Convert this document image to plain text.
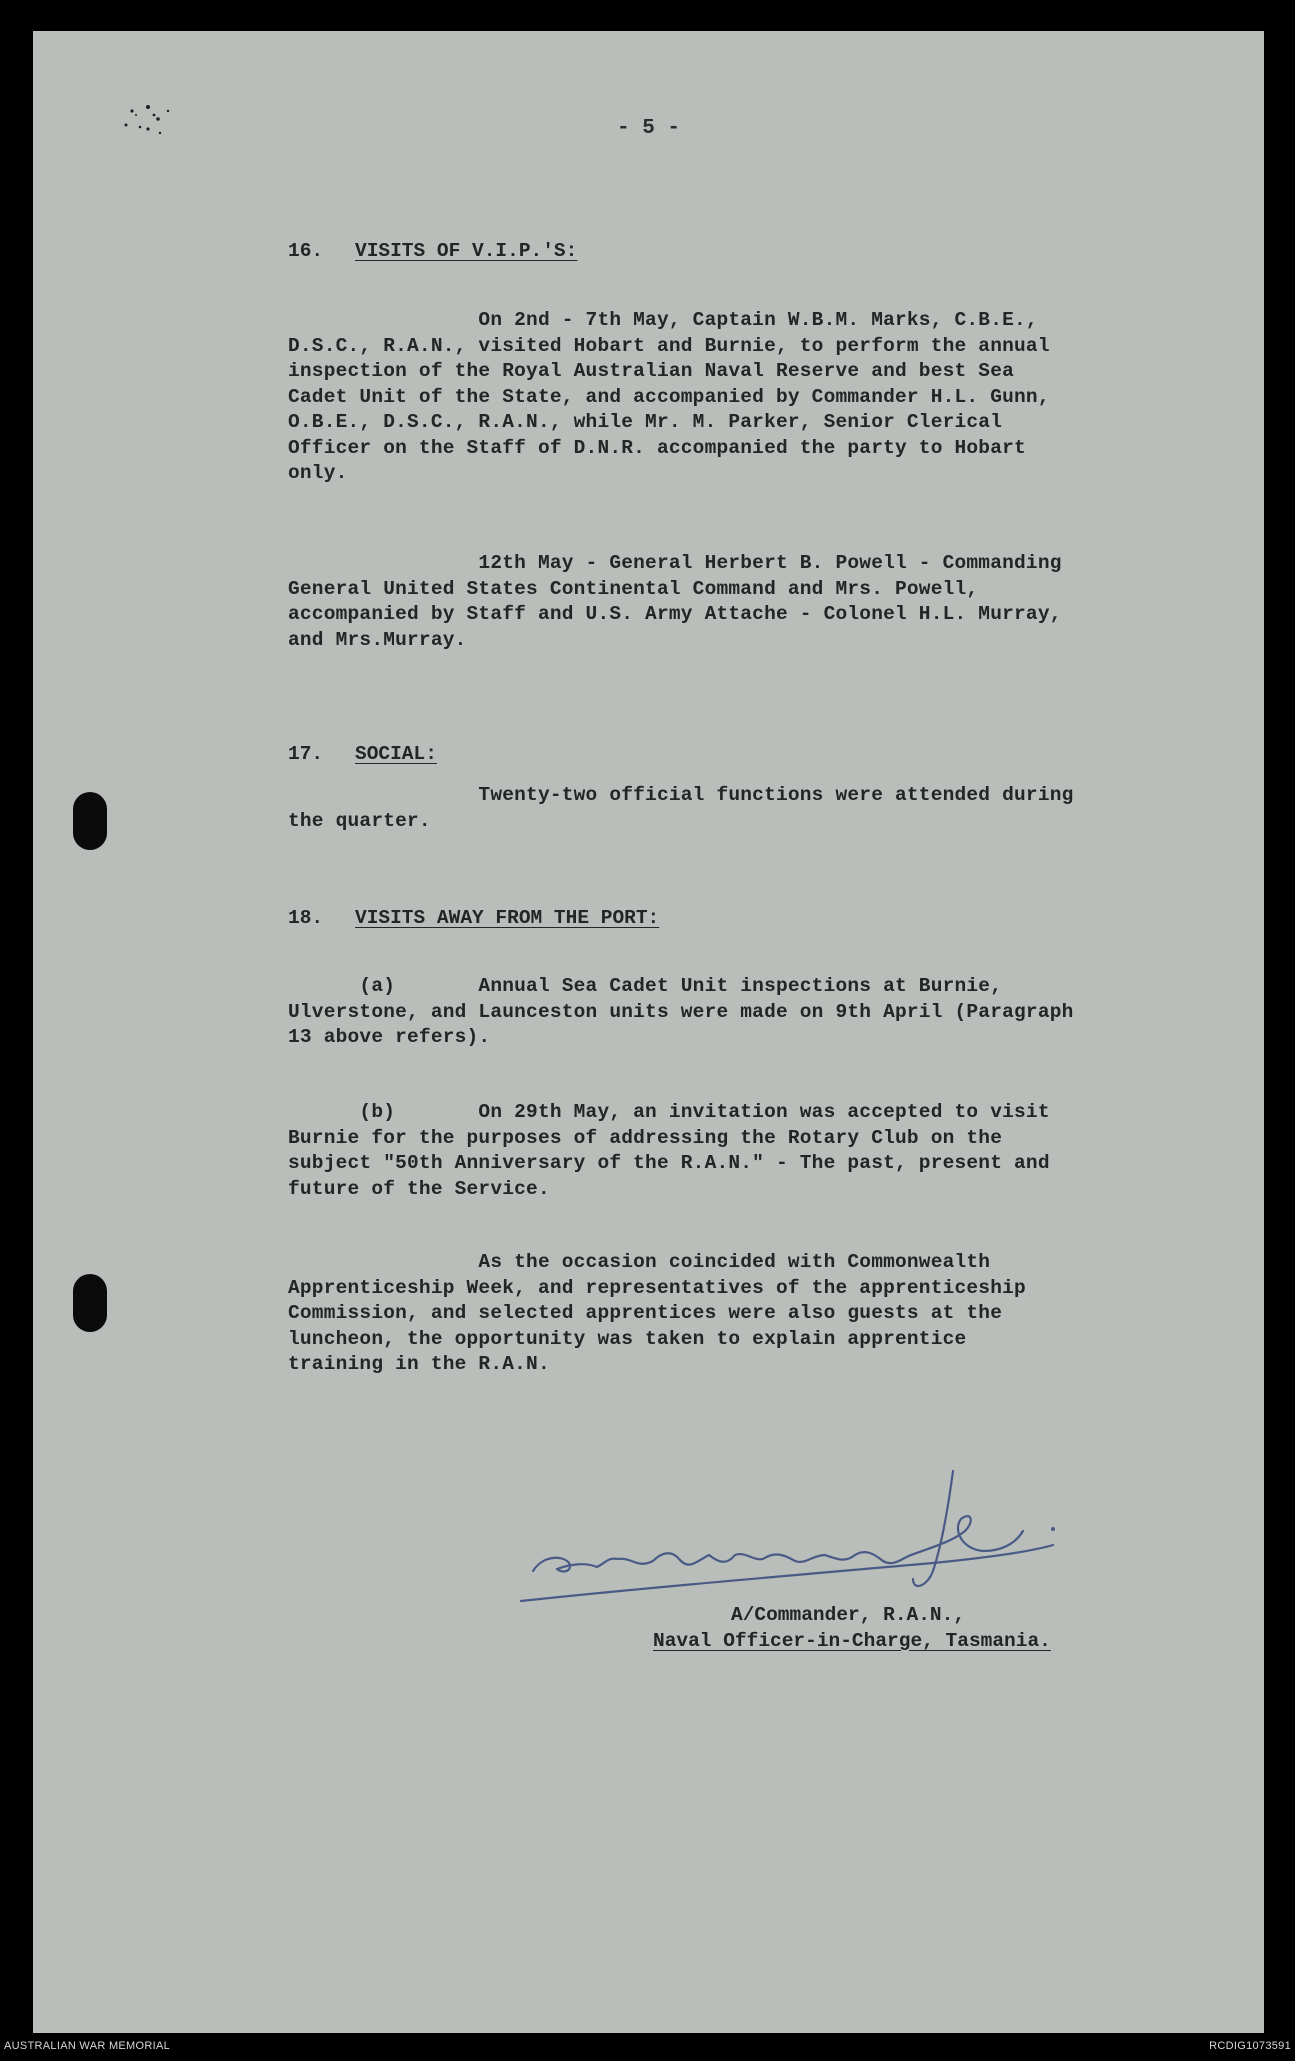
- 5 -
16. VISITS OF V.I.P.'S:
On 2nd - 7th May, Captain W.B.M. Marks, C.B.E.,
D.S.C., R.A.N., visited Hobart and Burnie, to perform the annual
inspection of the Royal Australian Naval Reserve and best Sea
Cadet Unit of the State, and accompanied by Commander H.L. Gunn,
O.B.E., D.S.C., R.A.N., while Mr. M. Parker, Senior Clerical
Officer on the Staff of D.N.R. accompanied the party to Hobart
only.
12th May - General Herbert B. Powell - Commanding
General United States Continental Command and Mrs. Powell,
accompanied by Staff and U.S. Army Attache - Colonel H.L. Murray,
and Mrs.Murray.
17. SOCIAL:
Twenty-two official functions were attended during
the quarter.
18. VISITS AWAY FROM THE PORT:
(a)       Annual Sea Cadet Unit inspections at Burnie,
Ulverstone, and Launceston units were made on 9th April (Paragraph
13 above refers).
(b)       On 29th May, an invitation was accepted to visit
Burnie for the purposes of addressing the Rotary Club on the
subject "50th Anniversary of the R.A.N." - The past, present and
future of the Service.
As the occasion coincided with Commonwealth
Apprenticeship Week, and representatives of the apprenticeship
Commission, and selected apprentices were also guests at the
luncheon, the opportunity was taken to explain apprentice
training in the R.A.N.
A/Commander, R.A.N.,
Naval Officer-in-Charge, Tasmania.
AUSTRALIAN WAR MEMORIAL	RCDIG1073591
